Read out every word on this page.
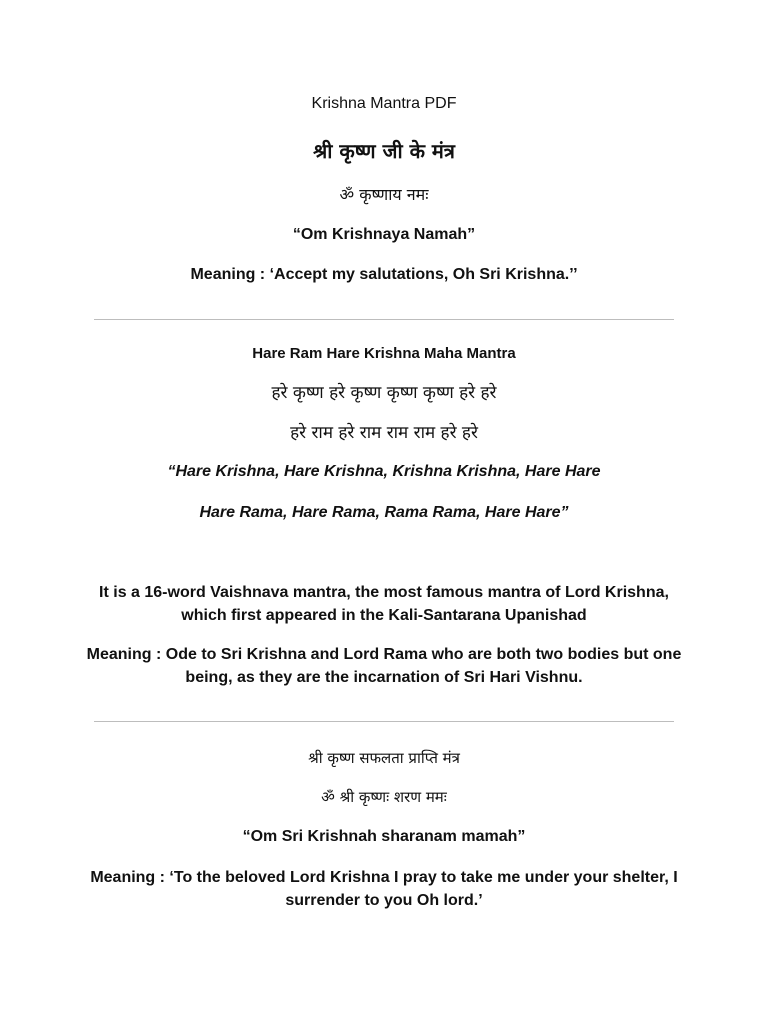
Krishna Mantra PDF
श्री कृष्ण जी के मंत्र
ॐ कृष्णाय नमः
“Om Krishnaya Namah”
Meaning : ‘Accept my salutations, Oh Sri Krishna.’’
Hare Ram Hare Krishna Maha Mantra
हरे कृष्ण हरे कृष्ण कृष्ण कृष्ण हरे हरे
हरे राम हरे राम राम राम हरे हरे
“Hare Krishna, Hare Krishna, Krishna Krishna, Hare Hare
Hare Rama, Hare Rama, Rama Rama, Hare Hare”
It is a 16-word Vaishnava mantra, the most famous mantra of Lord Krishna, which first appeared in the Kali-Santarana Upanishad
Meaning : Ode to Sri Krishna and Lord Rama who are both two bodies but one being, as they are the incarnation of Sri Hari Vishnu.
श्री कृष्ण सफलता प्राप्ति मंत्र
ॐ श्री कृष्णः शरण ममः
“Om Sri Krishnah sharanam mamah”
Meaning : ‘To the beloved Lord Krishna I pray to take me under your shelter, I surrender to you Oh lord.’
